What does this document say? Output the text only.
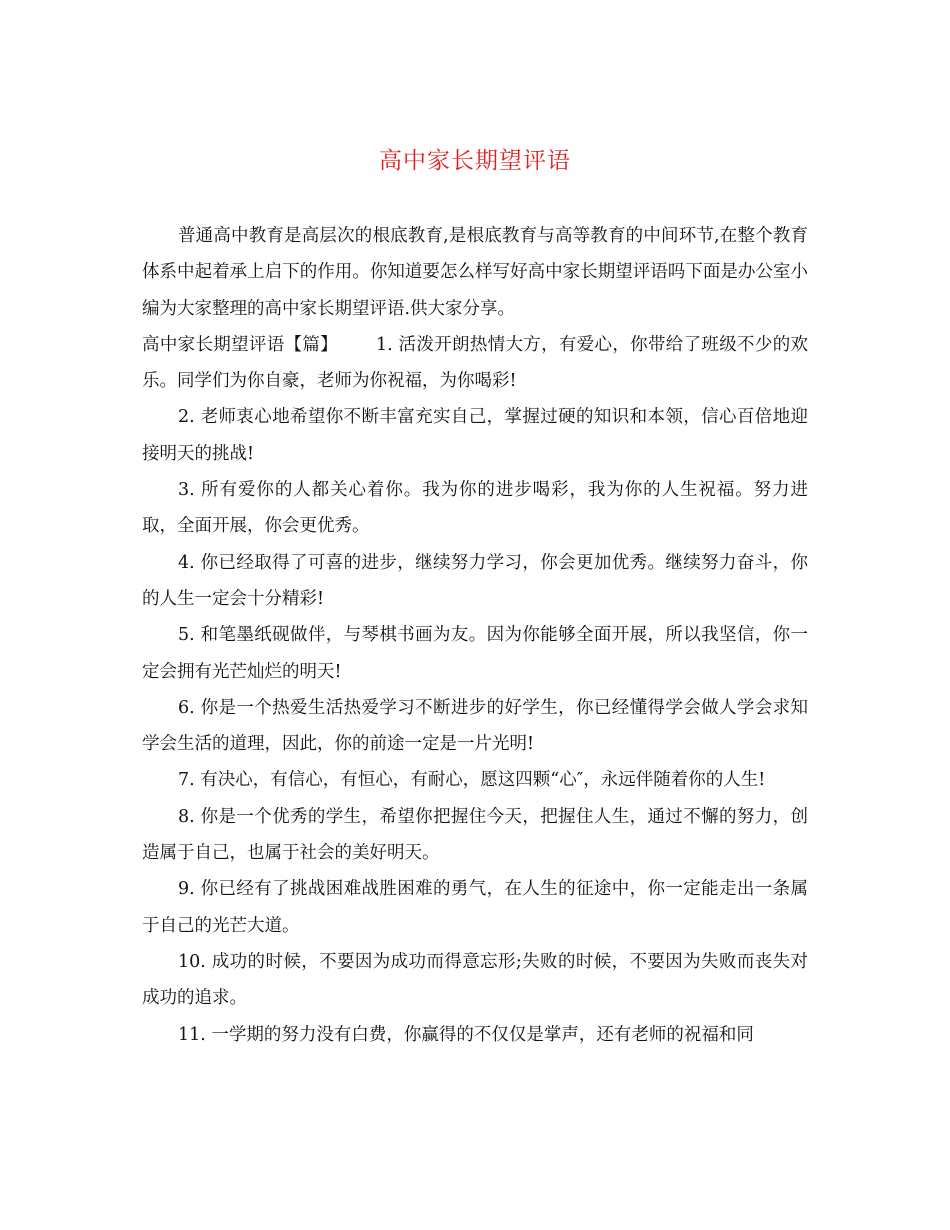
高中家长期望评语

普通高中教育是高层次的根底教育,是根底教育与高等教育的中间环节,在整个教育体系中起着承上启下的作用。你知道要怎么样写好高中家长期望评语吗下面是办公室小编为大家整理的高中家长期望评语.供大家分享。

高中家长期望评语【篇】 1. 活泼开朗热情大方，有爱心，你带给了班级不少的欢乐。同学们为你自豪，老师为你祝福，为你喝彩!

2. 老师衷心地希望你不断丰富充实自己，掌握过硬的知识和本领，信心百倍地迎接明天的挑战!

3. 所有爱你的人都关心着你。我为你的进步喝彩，我为你的人生祝福。努力进取，全面开展，你会更优秀。

4. 你已经取得了可喜的进步，继续努力学习，你会更加优秀。继续努力奋斗，你的人生一定会十分精彩!

5. 和笔墨纸砚做伴，与琴棋书画为友。因为你能够全面开展，所以我坚信，你一定会拥有光芒灿烂的明天!

6. 你是一个热爱生活热爱学习不断进步的好学生，你已经懂得学会做人学会求知学会生活的道理，因此，你的前途一定是一片光明!

7. 有决心，有信心，有恒心，有耐心，愿这四颗“心″，永远伴随着你的人生!

8. 你是一个优秀的学生，希望你把握住今天，把握住人生，通过不懈的努力，创造属于自己，也属于社会的美好明天。

9. 你已经有了挑战困难战胜困难的勇气，在人生的征途中，你一定能走出一条属于自己的光芒大道。

10. 成功的时候，不要因为成功而得意忘形;失败的时候，不要因为失败而丧失对成功的追求。

11. 一学期的努力没有白费，你赢得的不仅仅是掌声，还有老师的祝福和同
